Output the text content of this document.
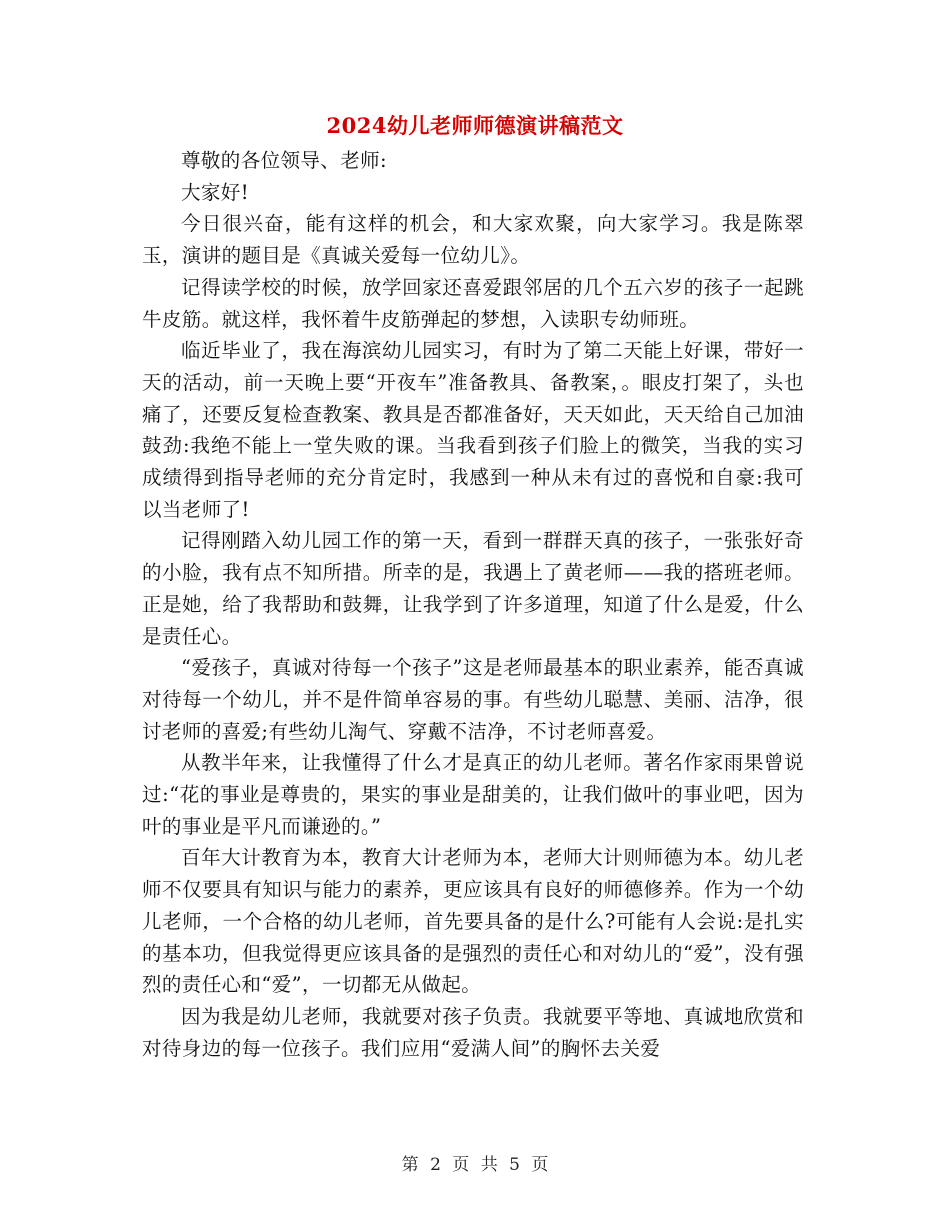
2024幼儿老师师德演讲稿范文

尊敬的各位领导、老师:

大家好!

今日很兴奋，能有这样的机会，和大家欢聚，向大家学习。我是陈翠玉，演讲的题目是《真诚关爱每一位幼儿》。

记得读学校的时候，放学回家还喜爱跟邻居的几个五六岁的孩子一起跳牛皮筋。就这样，我怀着牛皮筋弹起的梦想，入读职专幼师班。

临近毕业了，我在海滨幼儿园实习，有时为了第二天能上好课，带好一天的活动，前一天晚上要“开夜车”准备教具、备教案，。眼皮打架了，头也痛了，还要反复检查教案、教具是否都准备好，天天如此，天天给自己加油鼓劲:我绝不能上一堂失败的课。当我看到孩子们脸上的微笑，当我的实习成绩得到指导老师的充分肯定时，我感到一种从未有过的喜悦和自豪:我可以当老师了!

记得刚踏入幼儿园工作的第一天，看到一群群天真的孩子，一张张好奇的小脸，我有点不知所措。所幸的是，我遇上了黄老师——我的搭班老师。正是她，给了我帮助和鼓舞，让我学到了许多道理，知道了什么是爱，什么是责任心。

“爱孩子，真诚对待每一个孩子”这是老师最基本的职业素养，能否真诚对待每一个幼儿，并不是件简单容易的事。有些幼儿聪慧、美丽、洁净，很讨老师的喜爱;有些幼儿淘气、穿戴不洁净，不讨老师喜爱。

从教半年来，让我懂得了什么才是真正的幼儿老师。著名作家雨果曾说过:“花的事业是尊贵的，果实的事业是甜美的，让我们做叶的事业吧，因为叶的事业是平凡而谦逊的。”

百年大计教育为本，教育大计老师为本，老师大计则师德为本。幼儿老师不仅要具有知识与能力的素养，更应该具有良好的师德修养。作为一个幼儿老师，一个合格的幼儿老师，首先要具备的是什么?可能有人会说:是扎实的基本功，但我觉得更应该具备的是强烈的责任心和对幼儿的“爱”，没有强烈的责任心和“爱”，一切都无从做起。

因为我是幼儿老师，我就要对孩子负责。我就要平等地、真诚地欣赏和对待身边的每一位孩子。我们应用“爱满人间”的胸怀去关爱

第 2 页 共 5 页
